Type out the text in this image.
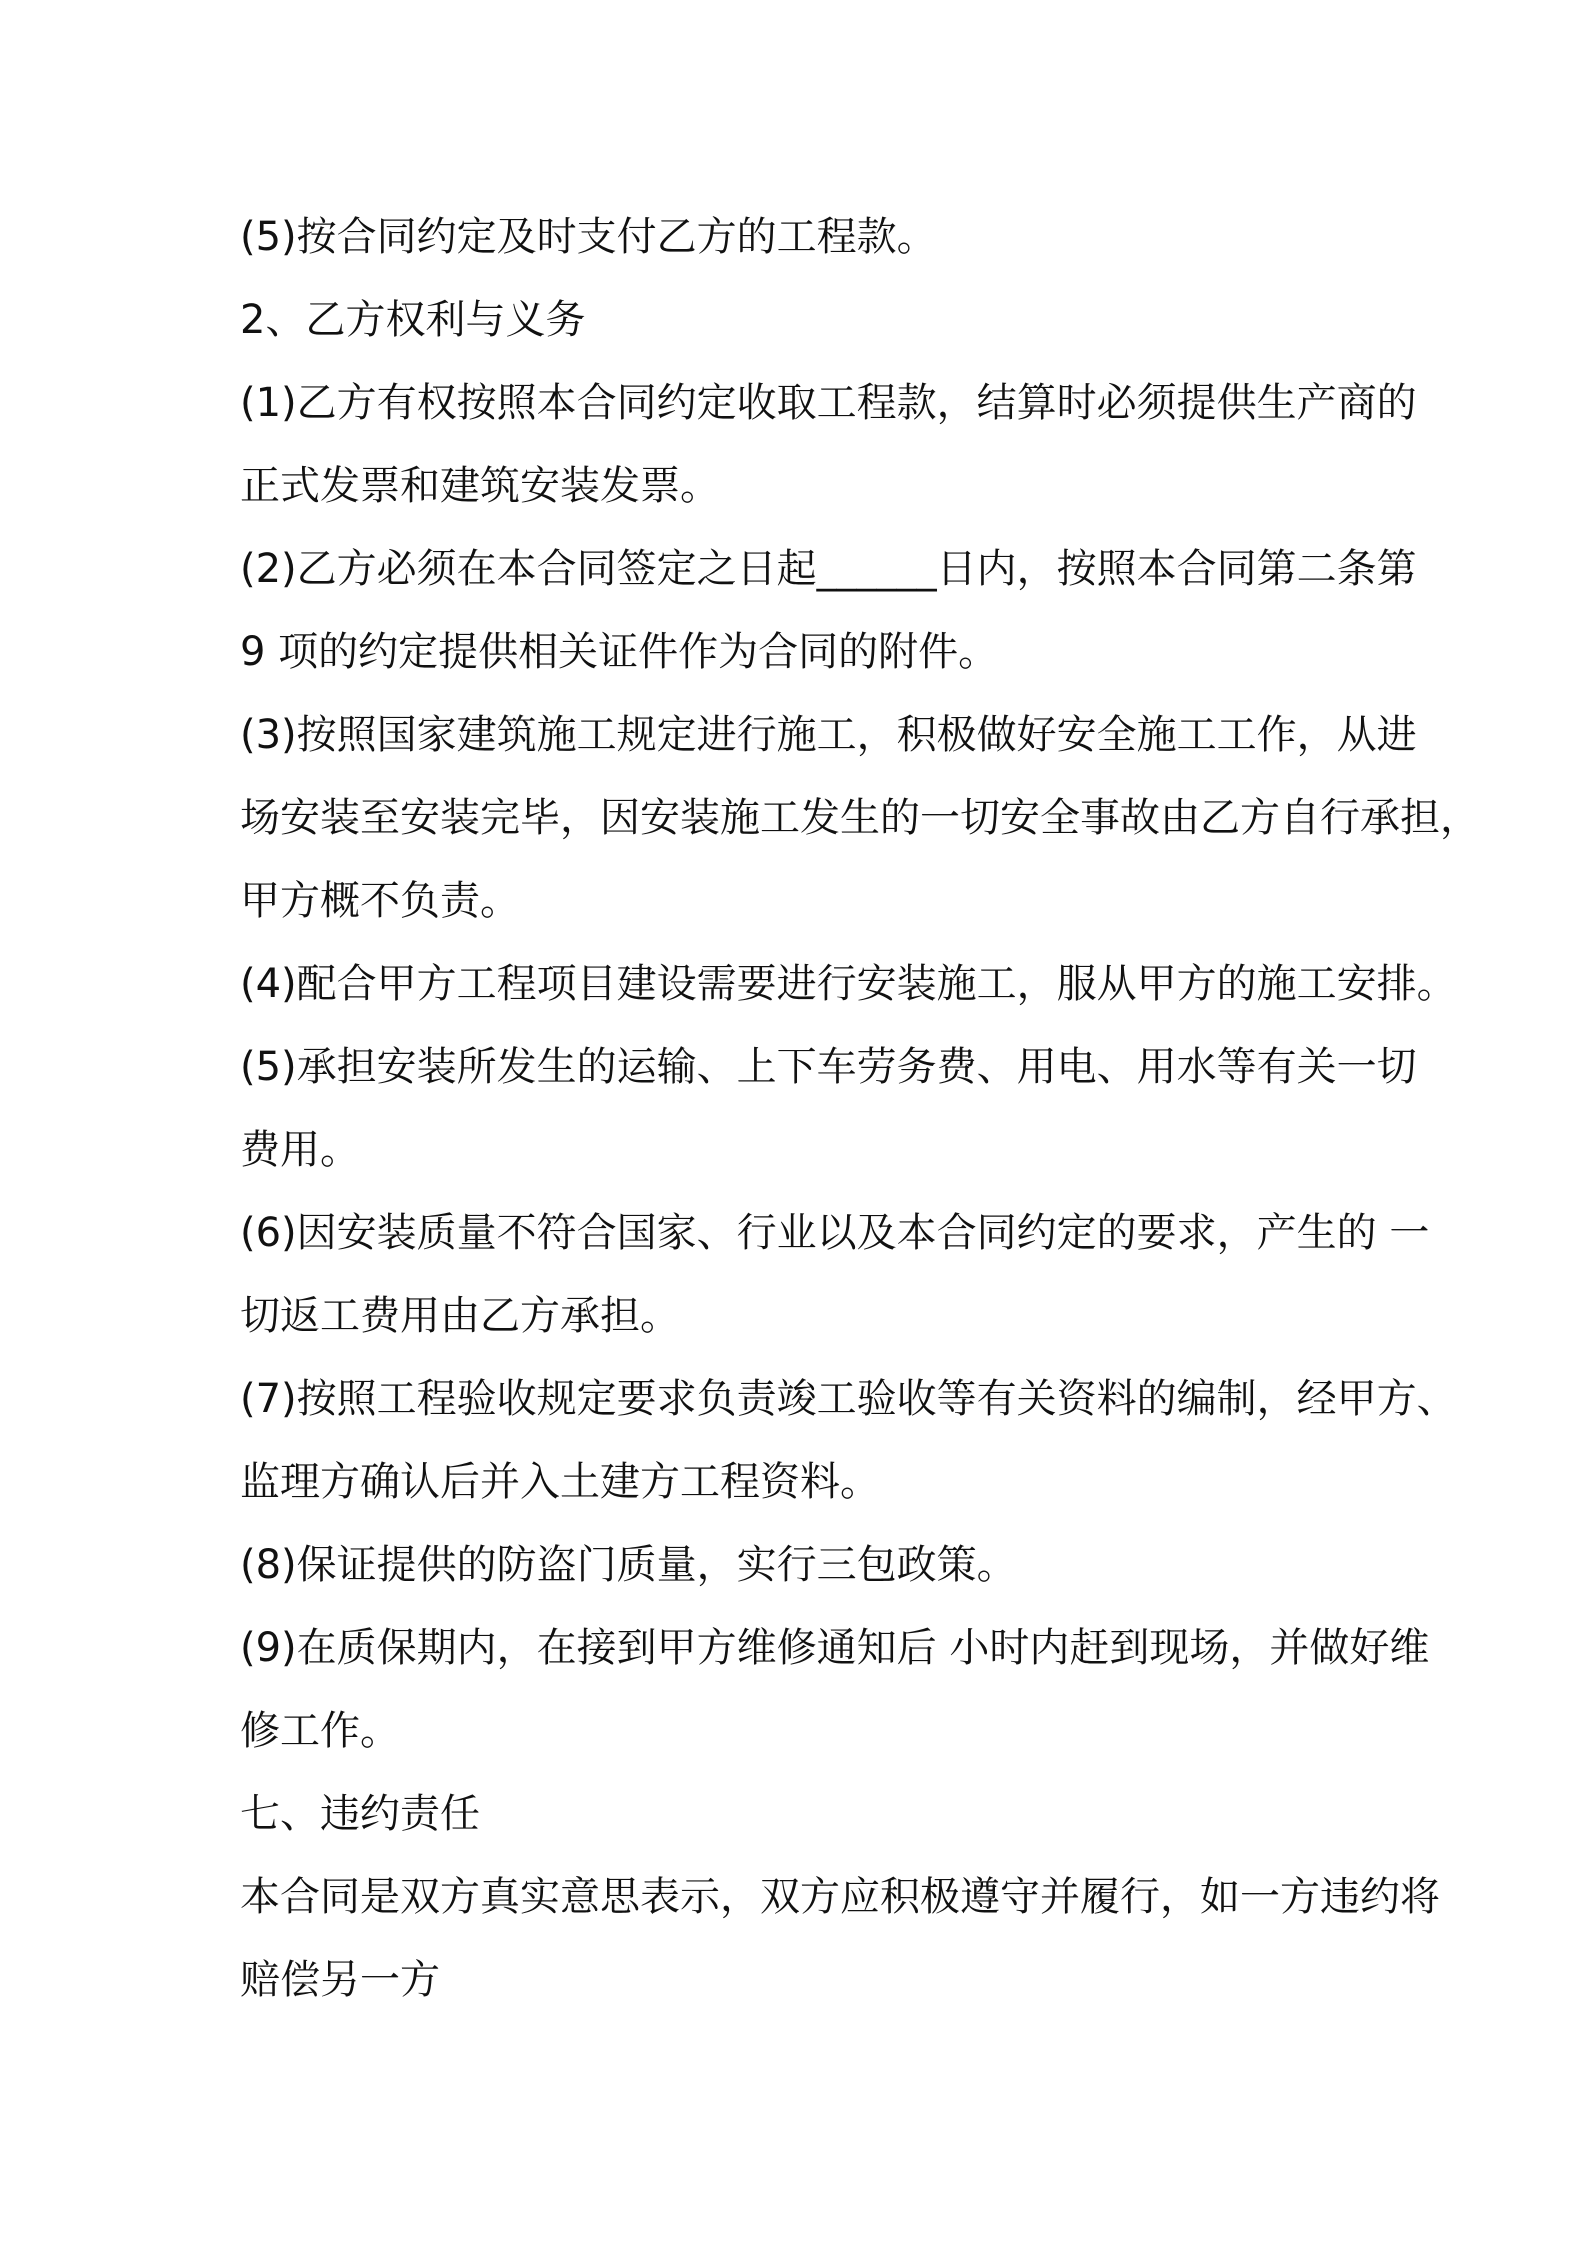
(5)按合同约定及时支付乙方的工程款。
2、乙方权利与义务
(1)乙方有权按照本合同约定收取工程款，结算时必须提供生产商的
正式发票和建筑安装发票。
(2)乙方必须在本合同签定之日起______日内，按照本合同第二条第
9 项的约定提供相关证件作为合同的附件。
(3)按照国家建筑施工规定进行施工，积极做好安全施工工作，从进
场安装至安装完毕，因安装施工发生的一切安全事故由乙方自行承担，
甲方概不负责。
(4)配合甲方工程项目建设需要进行安装施工，服从甲方的施工安排。
(5)承担安装所发生的运输、上下车劳务费、用电、用水等有关一切
费用。
(6)因安装质量不符合国家、行业以及本合同约定的要求，产生的 一
切返工费用由乙方承担。
(7)按照工程验收规定要求负责竣工验收等有关资料的编制，经甲方、
监理方确认后并入土建方工程资料。
(8)保证提供的防盗门质量，实行三包政策。
(9)在质保期内，在接到甲方维修通知后 小时内赶到现场，并做好维
修工作。
七、违约责任
本合同是双方真实意思表示，双方应积极遵守并履行，如一方违约将
赔偿另一方
